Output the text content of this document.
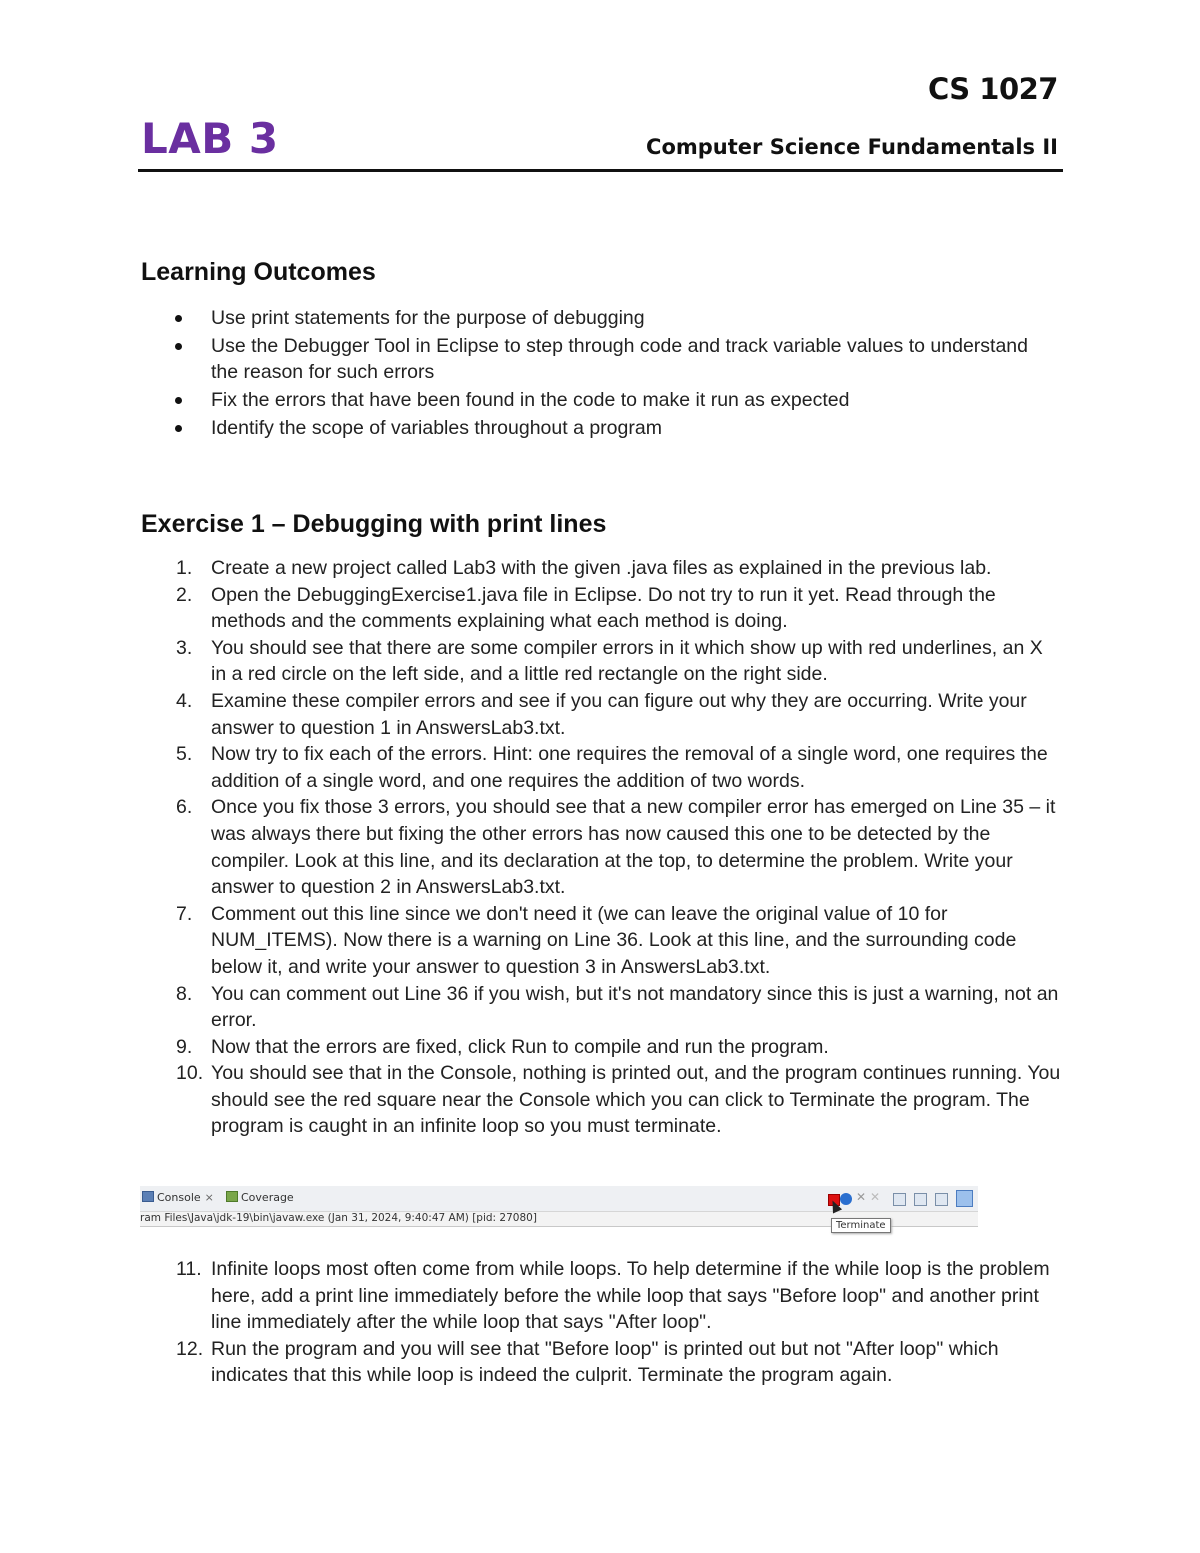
CS 1027
LAB 3	Computer Science Fundamentals II
Learning Outcomes
Use print statements for the purpose of debugging
Use the Debugger Tool in Eclipse to step through code and track variable values to understand the reason for such errors
Fix the errors that have been found in the code to make it run as expected
Identify the scope of variables throughout a program
Exercise 1 – Debugging with print lines
1. Create a new project called Lab3 with the given .java files as explained in the previous lab.
2. Open the DebuggingExercise1.java file in Eclipse. Do not try to run it yet. Read through the methods and the comments explaining what each method is doing.
3. You should see that there are some compiler errors in it which show up with red underlines, an X in a red circle on the left side, and a little red rectangle on the right side.
4. Examine these compiler errors and see if you can figure out why they are occurring. Write your answer to question 1 in AnswersLab3.txt.
5. Now try to fix each of the errors. Hint: one requires the removal of a single word, one requires the addition of a single word, and one requires the addition of two words.
6. Once you fix those 3 errors, you should see that a new compiler error has emerged on Line 35 – it was always there but fixing the other errors has now caused this one to be detected by the compiler. Look at this line, and its declaration at the top, to determine the problem. Write your answer to question 2 in AnswersLab3.txt.
7. Comment out this line since we don't need it (we can leave the original value of 10 for NUM_ITEMS). Now there is a warning on Line 36. Look at this line, and the surrounding code below it, and write your answer to question 3 in AnswersLab3.txt.
8. You can comment out Line 36 if you wish, but it's not mandatory since this is just a warning, not an error.
9. Now that the errors are fixed, click Run to compile and run the program.
10. You should see that in the Console, nothing is printed out, and the program continues running. You should see the red square near the Console which you can click to Terminate the program. The program is caught in an infinite loop so you must terminate.
Console ⨯	Coverage	✕ ✕
ram Files\Java\jdk-19\bin\javaw.exe (Jan 31, 2024, 9:40:47 AM) [pid: 27080]
Terminate
11. Infinite loops most often come from while loops. To help determine if the while loop is the problem here, add a print line immediately before the while loop that says "Before loop" and another print line immediately after the while loop that says "After loop".
12. Run the program and you will see that "Before loop" is printed out but not "After loop" which indicates that this while loop is indeed the culprit. Terminate the program again.
